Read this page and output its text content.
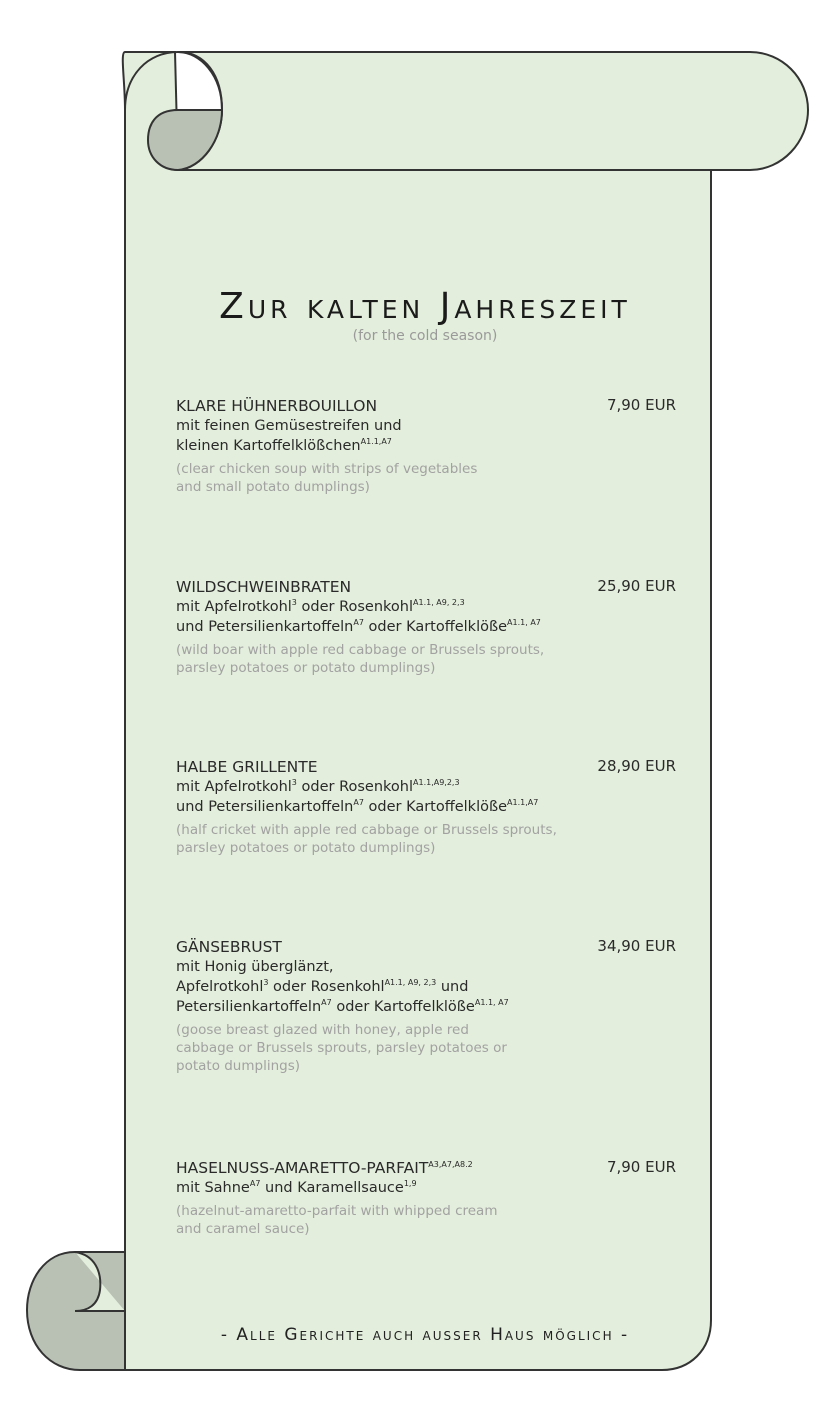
Zur kalten Jahreszeit
(for the cold season)
KLARE HÜHNERBOUILLON	7,90 EUR
mit feinen Gemüsestreifen und
kleinen Kartoffelklößchen$^{A1.1,A7}$
(clear chicken soup with strips of vegetables
and small potato dumplings)
WILDSCHWEINBRATEN	25,90 EUR
mit Apfelrotkohl$^3$ oder Rosenkohl$^{A1.1, A9, 2,3}$
und Petersilienkartoffeln$^{A7}$ oder Kartoffelklöße$^{A1.1, A7}$
(wild boar with apple red cabbage or Brussels sprouts,
parsley potatoes or potato dumplings)
HALBE GRILLENTE	28,90 EUR
mit Apfelrotkohl$^3$ oder Rosenkohl$^{A1.1,A9,2,3}$
und Petersilienkartoffeln$^{A7}$ oder Kartoffelklöße$^{A1.1,A7}$
(half cricket with apple red cabbage or Brussels sprouts,
parsley potatoes or potato dumplings)
GÄNSEBRUST	34,90 EUR
mit Honig überglänzt,
Apfelrotkohl$^3$ oder Rosenkohl$^{A1.1, A9, 2,3}$ und
Petersilienkartoffeln$^{A7}$ oder Kartoffelklöße$^{A1.1, A7}$
(goose breast glazed with honey, apple red
cabbage or Brussels sprouts, parsley potatoes or
potato dumplings)
HASELNUSS-$AMARETTO-PARFAIT^{A3,A7,A8.2}$	7,90 EUR
mit Sahne$^{A7}$ und Karamellsauce$^{1,9}$
(hazelnut-amaretto-parfait with whipped cream
and caramel sauce)
- Alle Gerichte auch ausser Haus möglich -
